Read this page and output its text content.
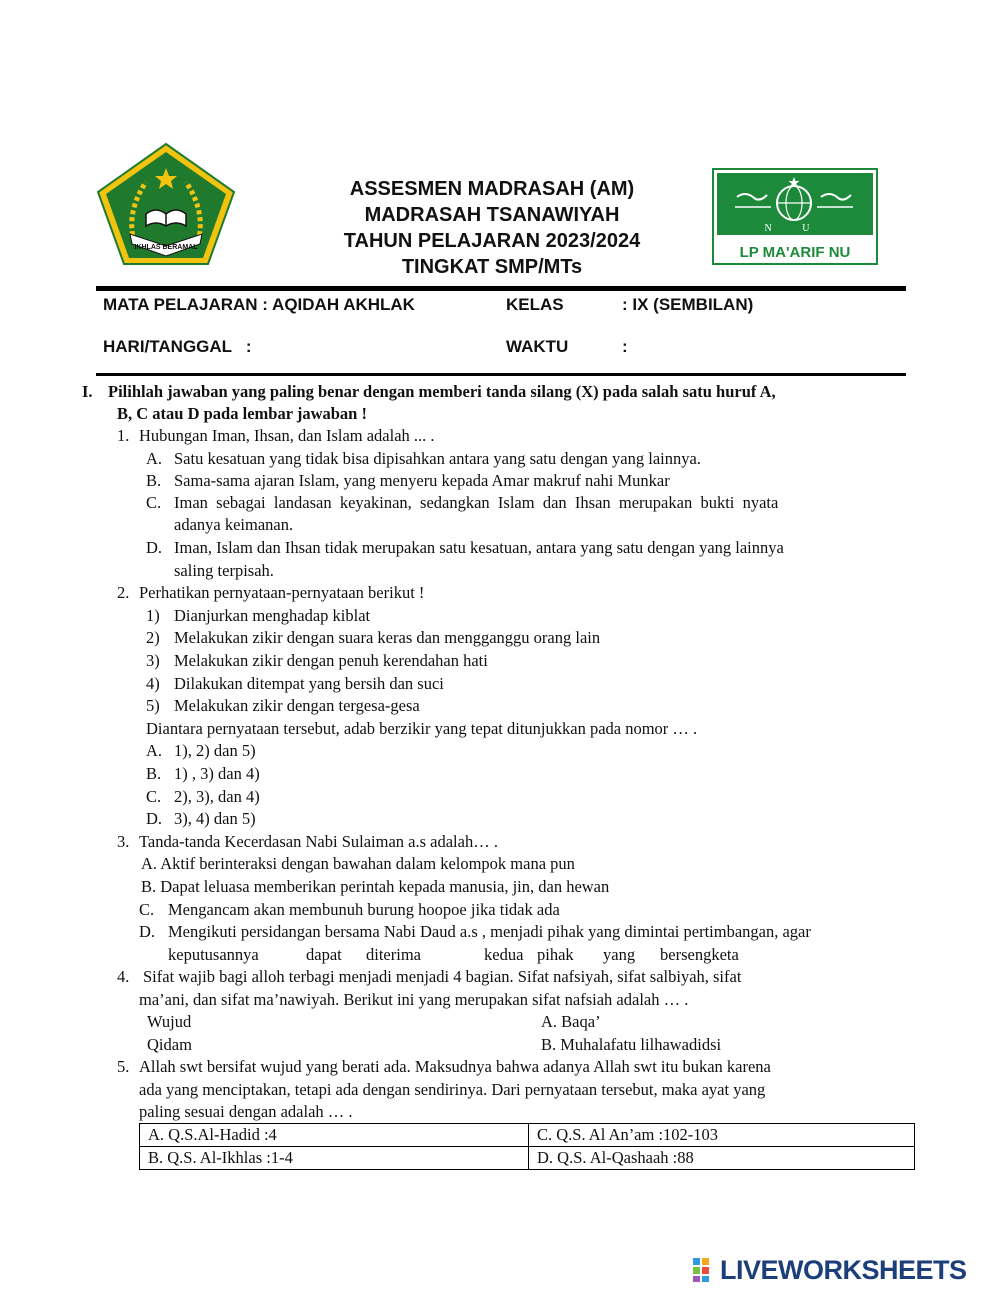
IKHLAS BERAMAL
ASSESMEN MADRASAH (AM)
MADRASAH TSANAWIYAH
TAHUN PELAJARAN 2023/2024
TINGKAT SMP/MTs
N U
LP MA'ARIF NU
MATA PELAJARAN : AQIDAH AKHLAK	KELAS	: IX (SEMBILAN)
HARI/TANGGAL   :	WAKTU	:
I. Pilihlah jawaban yang paling benar dengan memberi tanda silang (X) pada salah satu huruf A,
B, C atau D pada lembar jawaban !
1. Hubungan Iman, Ihsan, dan Islam adalah ... .
A. Satu kesatuan yang tidak bisa dipisahkan antara yang satu dengan yang lainnya.
B. Sama-sama ajaran Islam, yang menyeru kepada Amar makruf nahi Munkar
C. Iman  sebagai  landasan  keyakinan,  sedangkan  Islam  dan  Ihsan  merupakan  bukti  nyata
adanya keimanan.
D. Iman, Islam dan Ihsan tidak merupakan satu kesatuan, antara yang satu dengan yang lainnya
saling terpisah.
2. Perhatikan pernyataan-pernyataan berikut !
1) Dianjurkan menghadap kiblat
2) Melakukan zikir dengan suara keras dan mengganggu orang lain
3) Melakukan zikir dengan penuh kerendahan hati
4) Dilakukan ditempat yang bersih dan suci
5) Melakukan zikir dengan tergesa-gesa
Diantara pernyataan tersebut, adab berzikir yang tepat ditunjukkan pada nomor … .
A. 1), 2) dan 5)
B. 1) , 3) dan 4)
C. 2), 3), dan 4)
D. 3), 4) dan 5)
3. Tanda-tanda Kecerdasan Nabi Sulaiman a.s adalah… .
A. Aktif berinteraksi dengan bawahan dalam kelompok mana pun
B. Dapat leluasa memberikan perintah kepada manusia, jin, dan hewan
C. Mengancam akan membunuh burung hoopoe jika tidak ada
D. Mengikuti persidangan bersama Nabi Daud a.s , menjadi pihak yang dimintai pertimbangan, agar
keputusannya	dapat diterima	kedua pihak yang bersengketa
4. Sifat wajib bagi alloh terbagi menjadi menjadi 4 bagian. Sifat nafsiyah, sifat salbiyah, sifat
ma’ani, dan sifat ma’nawiyah. Berikut ini yang merupakan sifat nafsiah adalah … .
Wujud	A. Baqa’
Qidam	B. Muhalafatu lilhawadidsi
5. Allah swt bersifat wujud yang berati ada. Maksudnya bahwa adanya Allah swt itu bukan karena
ada yang menciptakan, tetapi ada dengan sendirinya. Dari pernyataan tersebut, maka ayat yang
paling sesuai dengan adalah … .
A. Q.S.Al-Hadid :4	C. Q.S. Al An’am :102-103
B. Q.S. Al-Ikhlas :1-4	D. Q.S. Al-Qashaah :88
LIVEWORKSHEETS
